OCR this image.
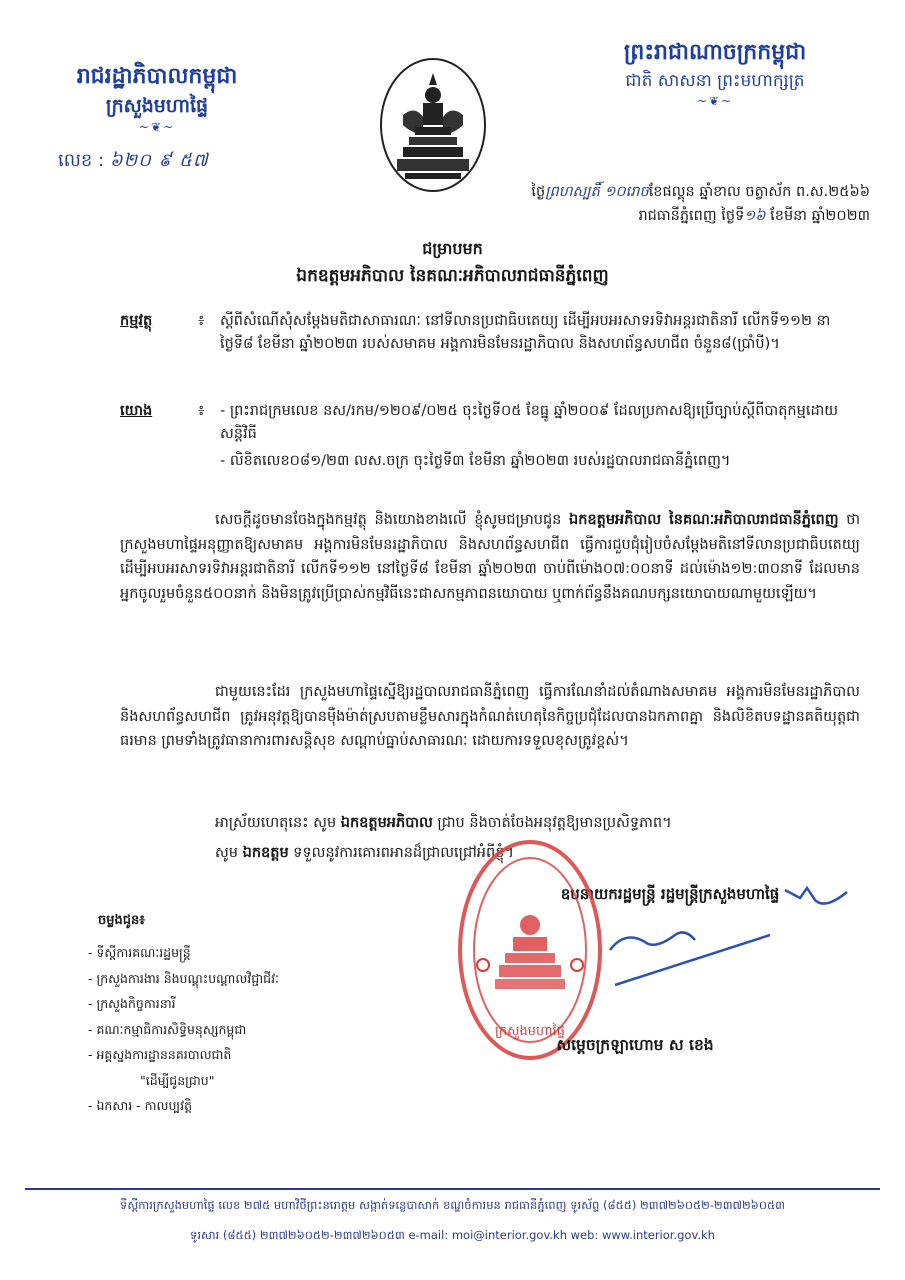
រាជរដ្ឋាភិបាលកម្ពុជា
ក្រសួងមហាផ្ទៃ
~❦~
លេខ : ៦២០ ៩ ៥៧
ព្រះរាជាណាចក្រកម្ពុជា
ជាតិ សាសនា ព្រះមហាក្សត្រ
~❦~
ថ្ងៃព្រហស្បតិ៍ ១០រោចខែផល្គុន ឆ្នាំខាល ចត្វាស័ក ព.ស.២៥៦៦
រាជធានីភ្នំពេញ ថ្ងៃទី១៦ ខែមីនា ឆ្នាំ២០២៣
ជម្រាបមក
ឯកឧត្តមអភិបាល នៃគណៈអភិបាលរាជធានីភ្នំពេញ
កម្មវត្ថុ	៖ ស្ដីពីសំណើសុំសម្ដែងមតិជាសាធារណៈ នៅទីលានប្រជាធិបតេយ្យ ដើម្បីអបអរសាទរទិវាអន្តរជាតិនារី លើកទី១១២ នាថ្ងៃទី៨ ខែមីនា ឆ្នាំ២០២៣ របស់សមាគម អង្គការមិនមែនរដ្ឋាភិបាល និងសហព័ន្ធសហជីព ចំនួន៨(ប្រាំបី)។
យោង	៖ - ព្រះរាជក្រមលេខ នស/រកម/១២០៩/០២៥ ចុះថ្ងៃទី០៥ ខែធ្នូ ឆ្នាំ២០០៩ ដែលប្រកាសឱ្យប្រើច្បាប់ស្ដីពីបាតុកម្មដោយសន្តិវិធី
- លិខិតលេខ០៨១/២៣ លស.ចក្រ ចុះថ្ងៃទី៣ ខែមីនា ឆ្នាំ២០២៣ របស់រដ្ឋបាលរាជធានីភ្នំពេញ។
សេចក្ដីដូចមានចែងក្នុងកម្មវត្ថុ និងយោងខាងលើ ខ្ញុំសូមជម្រាបជូន ឯកឧត្តមអភិបាល នៃគណៈអភិបាលរាជធានីភ្នំពេញ ថា ក្រសួងមហាផ្ទៃអនុញ្ញាតឱ្យសមាគម អង្គការមិនមែនរដ្ឋាភិបាល និងសហព័ន្ធសហជីព ធ្វើការជួបជុំរៀបចំសម្ដែងមតិនៅទីលានប្រជាធិបតេយ្យ ដើម្បីអបអរសាទរទិវាអន្តរជាតិនារី លើកទី១១២ នៅថ្ងៃទី៨ ខែមីនា ឆ្នាំ២០២៣ ចាប់ពីម៉ោង០៧:០០នាទី ដល់ម៉ោង១២:៣០នាទី ដែលមានអ្នកចូលរួមចំនួន៥០០នាក់ និងមិនត្រូវប្រើប្រាស់កម្មវិធីនេះជាសកម្មភាពនយោបាយ ឬពាក់ព័ន្ធនឹងគណបក្សនយោបាយណាមួយឡើយ។
ជាមួយនេះដែរ ក្រសួងមហាផ្ទៃស្នើឱ្យរដ្ឋបាលរាជធានីភ្នំពេញ ធ្វើការណែនាំដល់តំណាងសមាគម អង្គការមិនមែនរដ្ឋាភិបាល និងសហព័ន្ធសហជីព ត្រូវអនុវត្តឱ្យបានម៉ឺងម៉ាត់ស្របតាមខ្លឹមសារក្នុងកំណត់ហេតុនៃកិច្ចប្រជុំដែលបានឯកភាពគ្នា និងលិខិតបទដ្ឋានគតិយុត្តជាធរមាន ព្រមទាំងត្រូវធានាការពារសន្តិសុខ សណ្ដាប់ធ្នាប់សាធារណៈ ដោយការទទួលខុសត្រូវខ្ពស់។
អាស្រ័យហេតុនេះ សូម ឯកឧត្តមអភិបាល ជ្រាប និងចាត់ចែងអនុវត្តឱ្យមានប្រសិទ្ធភាព។
សូម ឯកឧត្តម ទទួលនូវការគោរពអានដ៏ជ្រាលជ្រៅអំពីខ្ញុំ។
ឧបនាយករដ្ឋមន្ត្រី រដ្ឋមន្ត្រីក្រសួងមហាផ្ទៃ
ក្រសួងមហាផ្ទៃ
សម្ដេចក្រឡាហោម ស ខេង
ចម្លងជូន៖
- ទីស្ដីការគណៈរដ្ឋមន្ត្រី
- ក្រសួងការងារ និងបណ្ដុះបណ្ដាលវិជ្ជាជីវៈ
- ក្រសួងកិច្ចការនារី
- គណៈកម្មាធិការសិទ្ធិមនុស្សកម្ពុជា
- អគ្គស្នងការដ្ឋាននគរបាលជាតិ
"ដើម្បីជូនជ្រាប"
- ឯកសារ - កាលប្បវត្តិ
ទីស្ដីការក្រសួងមហាផ្ទៃ លេខ ២៧៥ មហាវិថីព្រះនរោត្តម សង្កាត់ទន្លេបាសាក់ ខណ្ឌចំការមន រាជធានីភ្នំពេញ ទូរស័ព្ទ (៨៥៥) ២៣៧២៦០៥២-២៣៧២៦០៥៣
ទូរសារ (៨៥៥) ២៣៧២៦០៥២-២៣៧២៦០៥៣ e-mail: moi@interior.gov.kh web: www.interior.gov.kh
